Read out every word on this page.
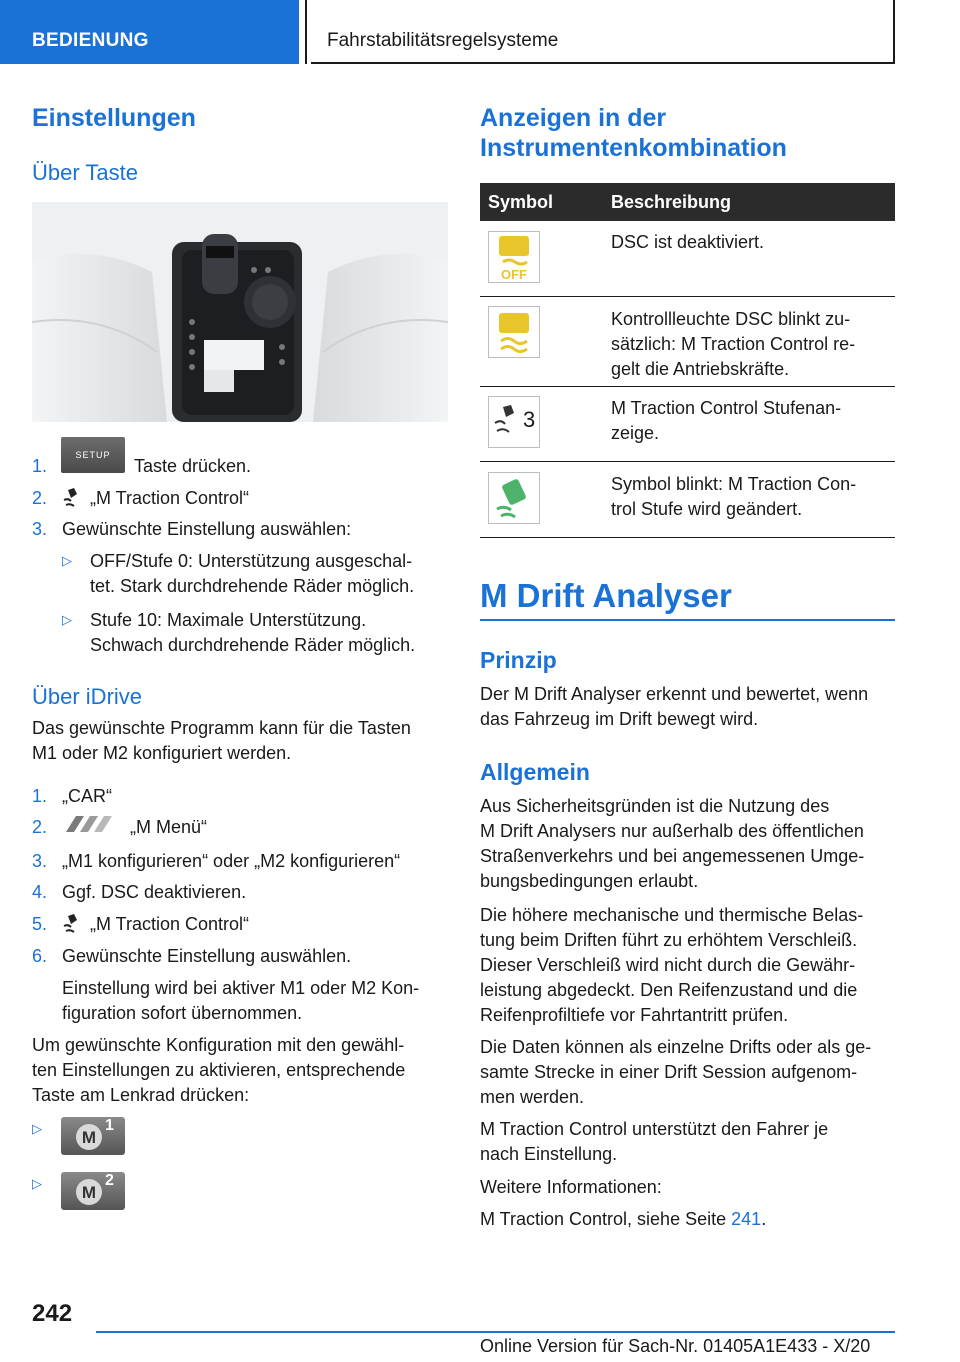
BEDIENUNG	Fahrstabilitätsregelsysteme
Einstellungen
Über Taste
1.
SETUP
Taste drücken.
2. „M Traction Control“
3. Gewünschte Einstellung auswählen:
▷ OFF/Stufe 0: Unterstützung ausgeschal-
tet. Stark durchdrehende Räder möglich.
▷ Stufe 10: Maximale Unterstützung.
Schwach durchdrehende Räder möglich.
Über iDrive
Das gewünschte Programm kann für die Tasten
M1 oder M2 konfiguriert werden.
1. „CAR“
2.	„M Menü“
3. „M1 konfigurieren“ oder „M2 konfigurieren“
4. Ggf. DSC deaktivieren.
5. „M Traction Control“
6. Gewünschte Einstellung auswählen.
Einstellung wird bei aktiver M1 oder M2 Kon-
figuration sofort übernommen.
Um gewünschte Konfiguration mit den gewähl-
ten Einstellungen zu aktivieren, entsprechende
Taste am Lenkrad drücken:
▷ M
1
▷ M
2
Anzeigen in der
Instrumentenkombination
Symbol	Beschreibung
OFF
DSC ist deaktiviert.
Kontrollleuchte DSC blinkt zu-
sätzlich: M Traction Control re-
gelt die Antriebskräfte.
3	M Traction Control Stufenan-
zeige.
Symbol blinkt: M Traction Con-
trol Stufe wird geändert.
M Drift Analyser
Prinzip
Der M Drift Analyser erkennt und bewertet, wenn
das Fahrzeug im Drift bewegt wird.
Allgemein
Aus Sicherheitsgründen ist die Nutzung des
M Drift Analysers nur außerhalb des öffentlichen
Straßenverkehrs und bei angemessenen Umge-
bungsbedingungen erlaubt.
Die höhere mechanische und thermische Belas-
tung beim Driften führt zu erhöhtem Verschleiß.
Dieser Verschleiß wird nicht durch die Gewähr-
leistung abgedeckt. Den Reifenzustand und die
Reifenprofiltiefe vor Fahrtantritt prüfen.
Die Daten können als einzelne Drifts oder als ge-
samte Strecke in einer Drift Session aufgenom-
men werden.
M Traction Control unterstützt den Fahrer je
nach Einstellung.
Weitere Informationen:
M Traction Control, siehe Seite 241.
242
Online Version für Sach-Nr. 01405A1E433 - X/20
